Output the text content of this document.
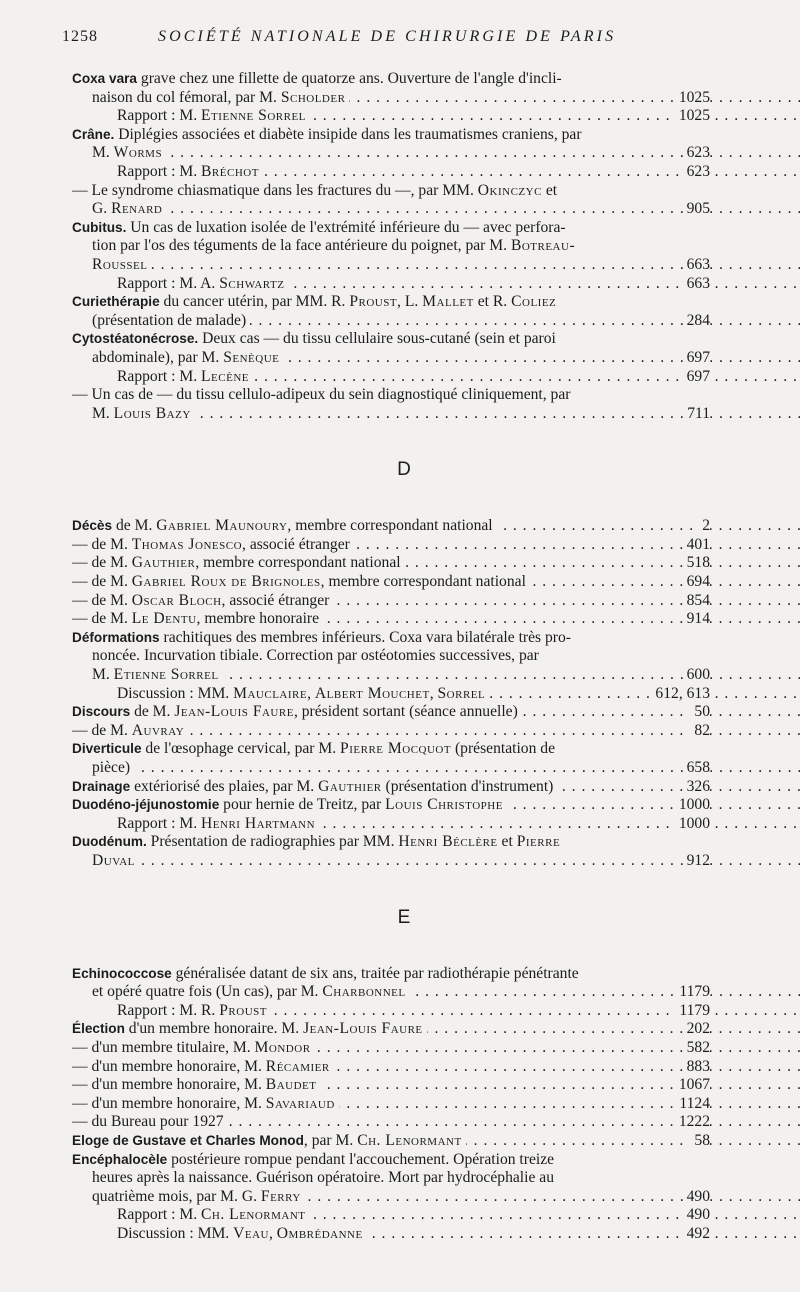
1258	SOCIÉTÉ NATIONALE DE CHIRURGIE DE PARIS
Coxa vara grave chez une fillette de quatorze ans. Ouverture de l'angle d'incli-
naison du col fémoral, par M. Scholder	1025
. . .
Rapport : M. Etienne Sorrel	1025
. . .
Crâne. Diplégies associées et diabète insipide dans les traumatismes craniens, par
M. Worms	623
. . .
Rapport : M. Bréchot	623
. . .
— Le syndrome chiasmatique dans les fractures du —, par MM. Okinczyc et
G. Renard	905
. . .
Cubitus. Un cas de luxation isolée de l'extrémité inférieure du — avec perfora-
tion par l'os des téguments de la face antérieure du poignet, par M. Botreau-
Roussel	663
. . .
Rapport : M. A. Schwartz	663
. . .
Curiethérapie du cancer utérin, par MM. R. Proust, L. Mallet et R. Coliez
(présentation de malade)	284
. . .
Cytostéatonécrose. Deux cas — du tissu cellulaire sous-cutané (sein et paroi
abdominale), par M. Senèque	697
. . .
Rapport : M. Lecène	697
. . .
— Un cas de — du tissu cellulo-adipeux du sein diagnostiqué cliniquement, par
M. Louis Bazy	711
. . .
D
Décès de M. Gabriel Maunoury, membre correspondant national	2
. . .
— de M. Thomas Jonesco, associé étranger	401
. . .
— de M. Gauthier, membre correspondant national	518
. . .
— de M. Gabriel Roux de Brignoles, membre correspondant national	694
. . .
— de M. Oscar Bloch, associé étranger	854
. . .
— de M. Le Dentu, membre honoraire	914
. . .
Déformations rachitiques des membres inférieurs. Coxa vara bilatérale très pro-
noncée. Incurvation tibiale. Correction par ostéotomies successives, par
M. Etienne Sorrel	600
. . .
Discussion : MM. Mauclaire, Albert Mouchet, Sorrel	612, 613
. . .
Discours de M. Jean-Louis Faure, président sortant (séance annuelle)	50
. . .
— de M. Auvray	82
. . .
Diverticule de l'œsophage cervical, par M. Pierre Mocquot (présentation de
pièce)	658
. . .
Drainage extériorisé des plaies, par M. Gauthier (présentation d'instrument)	326
. . .
Duodéno-jéjunostomie pour hernie de Treitz, par Louis Christophe	1000
. . .
Rapport : M. Henri Hartmann	1000
. . .
Duodénum. Présentation de radiographies par MM. Henri Béclère et Pierre
Duval	912
. . .
E
Echinococcose généralisée datant de six ans, traitée par radiothérapie pénétrante
et opéré quatre fois (Un cas), par M. Charbonnel	1179
. . .
Rapport : M. R. Proust	1179
. . .
Élection d'un membre honoraire. M. Jean-Louis Faure	202
. . .
— d'un membre titulaire, M. Mondor	582
. . .
— d'un membre honoraire, M. Récamier	883
. . .
— d'un membre honoraire, M. Baudet	1067
. . .
— d'un membre honoraire, M. Savariaud	1124
. . .
— du Bureau pour 1927	1222
. . .
Eloge de Gustave et Charles Monod, par M. Ch. Lenormant	58
. . .
Encéphalocèle postérieure rompue pendant l'accouchement. Opération treize
heures après la naissance. Guérison opératoire. Mort par hydrocéphalie au
quatrième mois, par M. G. Ferry	490
. . .
Rapport : M. Ch. Lenormant	490
. . .
Discussion : MM. Veau, Ombrédanne	492
. . .
